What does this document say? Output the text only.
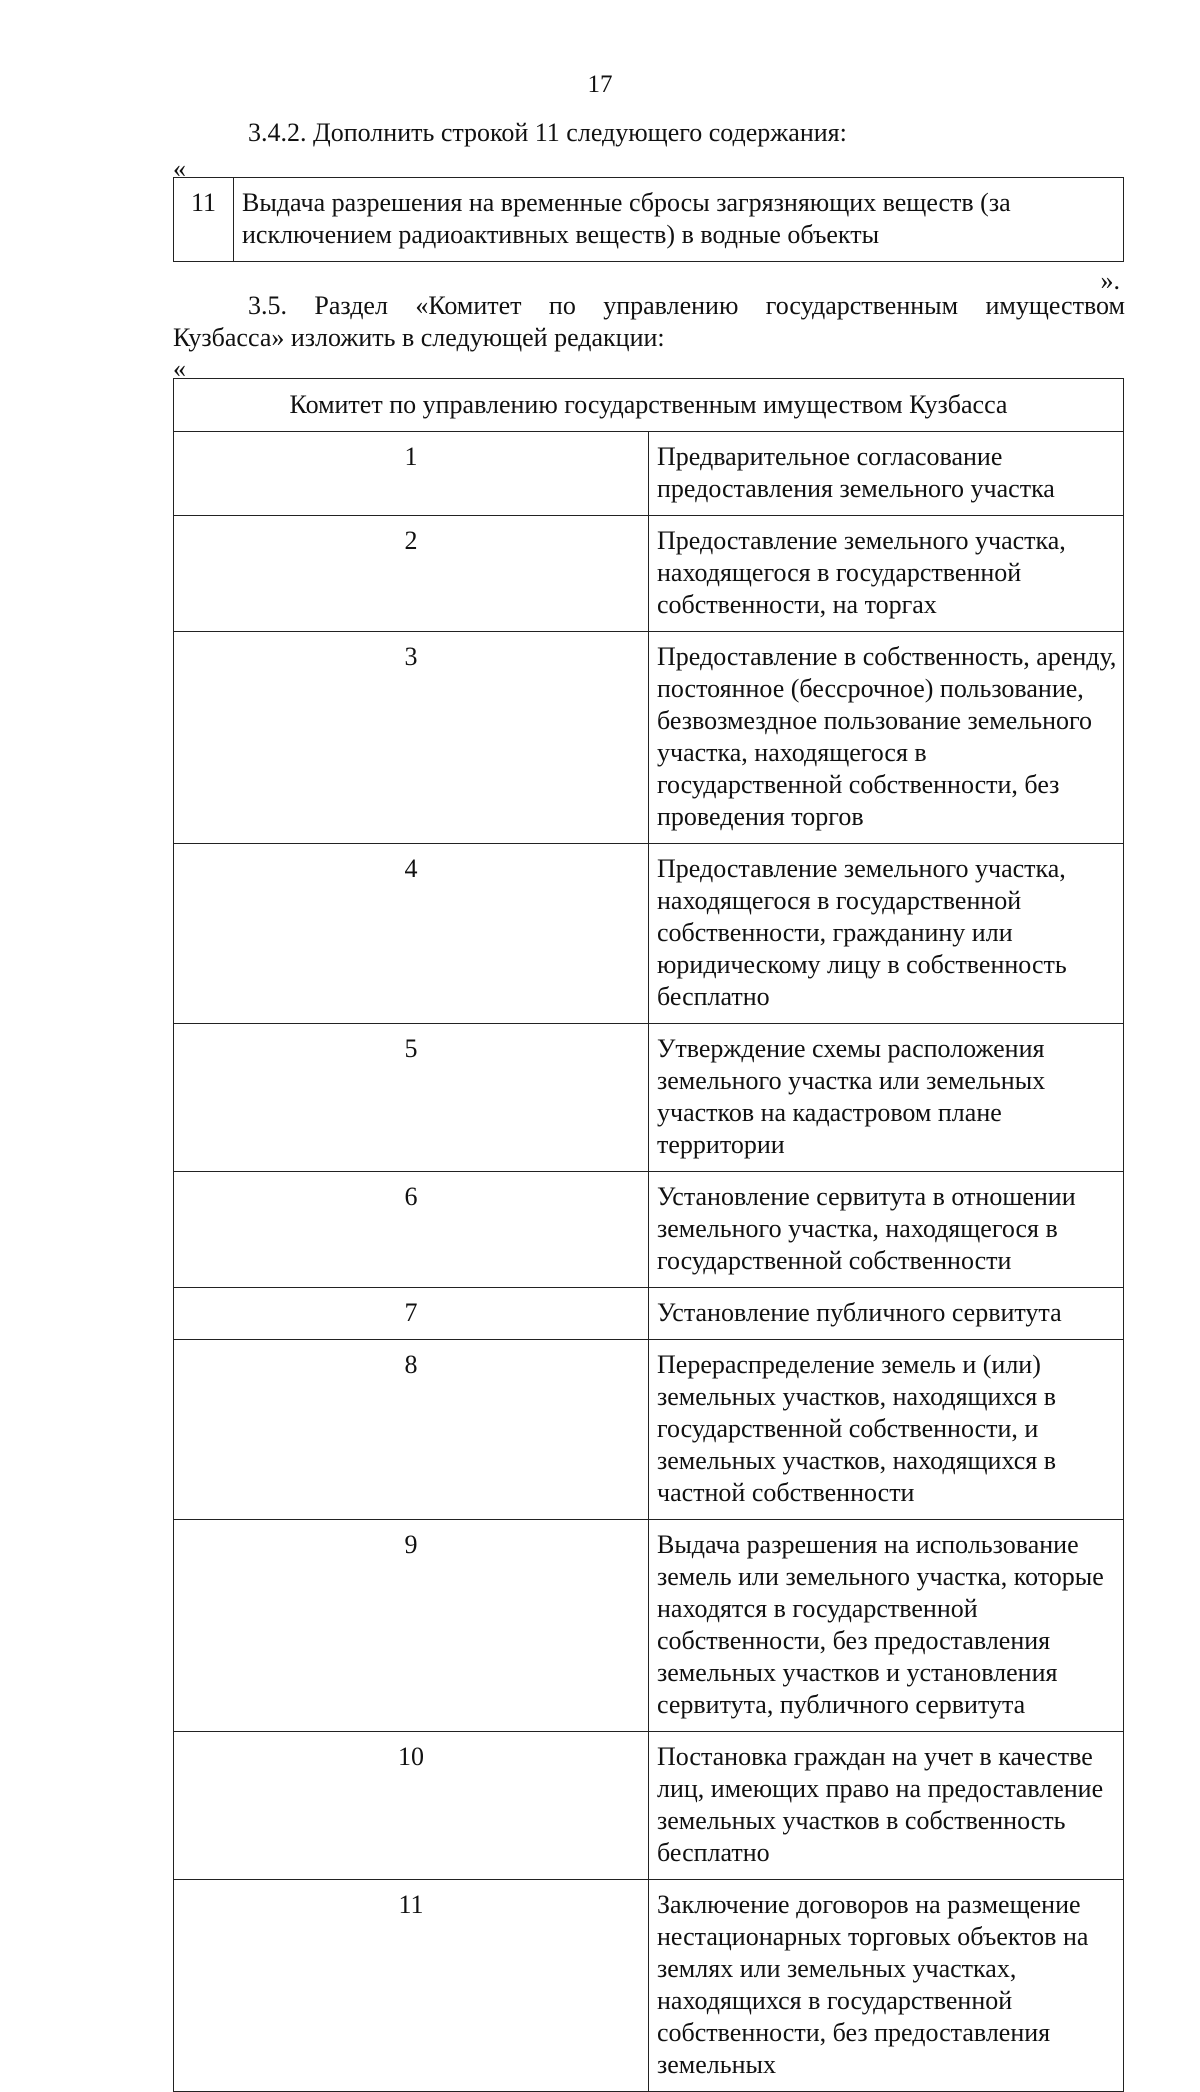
17
3.4.2. Дополнить строкой 11 следующего содержания:
«
11	Выдача разрешения на временные сбросы загрязняющих веществ (за исключением радиоактивных веществ) в водные объекты
».
3.5. Раздел «Комитет по управлению государственным имуществом
Кузбасса» изложить в следующей редакции:
«
Комитет по управлению государственным имуществом Кузбасса	
1	Предварительное согласование предоставления земельного участка
2	Предоставление земельного участка, находящегося в государственной собственности, на торгах
3	Предоставление в собственность, аренду, постоянное (бессрочное) пользование, безвозмездное пользование земельного участка, находящегося в государственной собственности, без проведения торгов
4	Предоставление земельного участка, находящегося в государственной собственности, гражданину или юридическому лицу в собственность бесплатно
5	Утверждение схемы расположения земельного участка или земельных участков на кадастровом плане территории
6	Установление сервитута в отношении земельного участка, находящегося в государственной собственности
7	Установление публичного сервитута
8	Перераспределение земель и (или) земельных участков, находящихся в государственной собственности, и земельных участков, находящихся в частной собственности
9	Выдача разрешения на использование земель или земельного участка, которые находятся в государственной собственности, без предоставления земельных участков и установления сервитута, публичного сервитута
10	Постановка граждан на учет в качестве лиц, имеющих право на предоставление земельных участков в собственность бесплатно
11	Заключение договоров на размещение нестационарных торговых объектов на землях или земельных участках, находящихся в государственной собственности, без предоставления земельных
